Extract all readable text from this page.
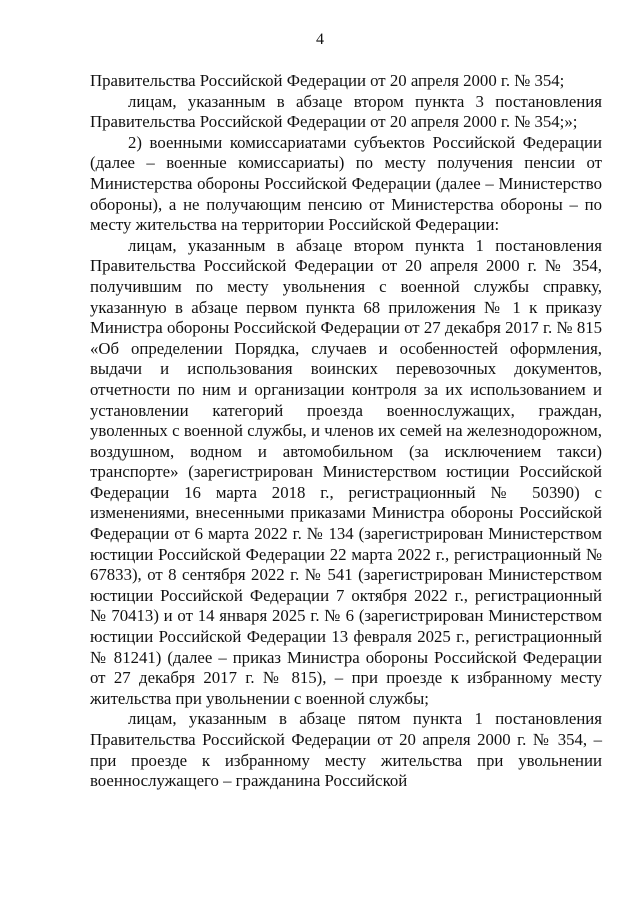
4

Правительства Российской Федерации от 20 апреля 2000 г. № 354;

лицам, указанным в абзаце втором пункта 3 постановления Правительства Российской Федерации от 20 апреля 2000 г. № 354;»;

2) военными комиссариатами субъектов Российской Федерации (далее – военные комиссариаты) по месту получения пенсии от Министерства обороны Российской Федерации (далее – Министерство обороны), а не получающим пенсию от Министерства обороны – по месту жительства на территории Российской Федерации:

лицам, указанным в абзаце втором пункта 1 постановления Правительства Российской Федерации от 20 апреля 2000 г. № 354, получившим по месту увольнения с военной службы справку, указанную в абзаце первом пункта 68 приложения № 1 к приказу Министра обороны Российской Федерации от 27 декабря 2017 г. № 815 «Об определении Порядка, случаев и особенностей оформления, выдачи и использования воинских перевозочных документов, отчетности по ним и организации контроля за их использованием и установлении категорий проезда военнослужащих, граждан, уволенных с военной службы, и членов их семей на железнодорожном, воздушном, водном и автомобильном (за исключением такси) транспорте» (зарегистрирован Министерством юстиции Российской Федерации 16 марта 2018 г., регистрационный № 50390) с изменениями, внесенными приказами Министра обороны Российской Федерации от 6 марта 2022 г. № 134 (зарегистрирован Министерством юстиции Российской Федерации 22 марта 2022 г., регистрационный № 67833), от 8 сентября 2022 г. № 541 (зарегистрирован Министерством юстиции Российской Федерации 7 октября 2022 г., регистрационный № 70413) и от 14 января 2025 г. № 6 (зарегистрирован Министерством юстиции Российской Федерации 13 февраля 2025 г., регистрационный № 81241) (далее – приказ Министра обороны Российской Федерации от 27 декабря 2017 г. № 815), – при проезде к избранному месту жительства при увольнении с военной службы;

лицам, указанным в абзаце пятом пункта 1 постановления Правительства Российской Федерации от 20 апреля 2000 г. № 354, – при проезде к избранному месту жительства при увольнении военнослужащего – гражданина Российской
